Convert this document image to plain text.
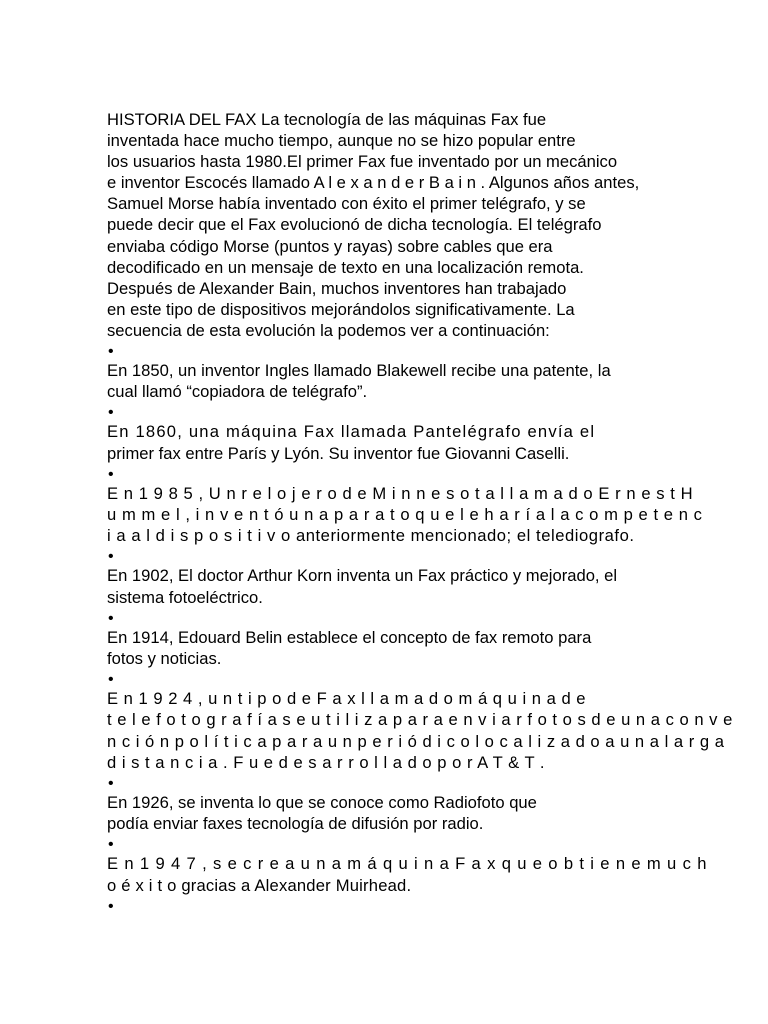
HISTORIA DEL FAX La tecnología de las máquinas Fax fue
inventada hace mucho tiempo, aunque no se hizo popular entre
los usuarios hasta 1980.El primer Fax fue inventado por un mecánico
e inventor Escocés llamado A l e x a n d e r B a i n . Algunos años antes,
Samuel Morse había inventado con éxito el primer telégrafo, y se
puede decir que el Fax evolucionó de dicha tecnología. El telégrafo
enviaba código Morse (puntos y rayas) sobre cables que era
decodificado en un mensaje de texto en una localización remota.
Después de Alexander Bain, muchos inventores han trabajado
en este tipo de dispositivos mejorándolos significativamente. La
secuencia de esta evolución la podemos ver a continuación:
•
En 1850, un inventor Ingles llamado Blakewell recibe una patente, la
cual llamó “copiadora de telégrafo”.
•
En 1860, una máquina Fax llamada Pantelégrafo envía el
primer fax entre París y Lyón. Su inventor fue Giovanni Caselli.
•
E n 1 9 8 5 , U n r e l o j e r o d e M i n n e s o t a l l a m a d o E r n e s t H
u m m e l , i n v e n t ó u n a p a r a t o q u e l e h a r í a l a c o m p e t e n c
i a a l d i s p o s i t i v o anteriormente mencionado; el telediografo.
•
En 1902, El doctor Arthur Korn inventa un Fax práctico y mejorado, el
sistema fotoeléctrico.
•
En 1914, Edouard Belin establece el concepto de fax remoto para
fotos y noticias.
•
E n 1 9 2 4 , u n t i p o d e F a x l l a m a d o m á q u i n a d e
t e l e f o t o g r a f í a s e u t i l i z a p a r a e n v i a r f o t o s d e u n a c o n v e
n c i ó n p o l í t i c a p a r a u n p e r i ó d i c o l o c a l i z a d o a u n a l a r g a
d i s t a n c i a . F u e d e s a r r o l l a d o p o r A T & T .
•
En 1926, se inventa lo que se conoce como Radiofoto que
podía enviar faxes tecnología de difusión por radio.
•
E n 1 9 4 7 , s e c r e a u n a m á q u i n a F a x q u e o b t i e n e m u c h
o é x i t o gracias a Alexander Muirhead.
•
